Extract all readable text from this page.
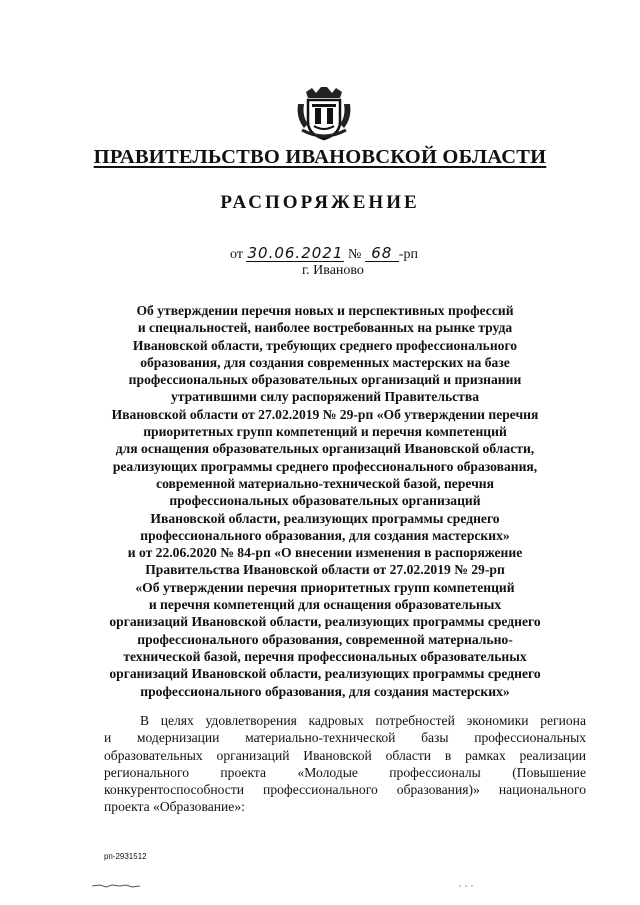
ПРАВИТЕЛЬСТВО ИВАНОВСКОЙ ОБЛАСТИ
РАСПОРЯЖЕНИЕ
от 30.06.2021 № 68 -рп
г. Иваново
Об утверждении перечня новых и перспективных профессий
и специальностей, наиболее востребованных на рынке труда
Ивановской области, требующих среднего профессионального
образования, для создания современных мастерских на базе
профессиональных образовательных организаций и признании
утратившими силу распоряжений Правительства
Ивановской области от 27.02.2019 № 29-рп «Об утверждении перечня
приоритетных групп компетенций и перечня компетенций
для оснащения образовательных организаций Ивановской области,
реализующих программы среднего профессионального образования,
современной материально-технической базой, перечня
профессиональных образовательных организаций
Ивановской области, реализующих программы среднего
профессионального образования, для создания мастерских»
и от 22.06.2020 № 84-рп «О внесении изменения в распоряжение
Правительства Ивановской области от 27.02.2019 № 29-рп
«Об утверждении перечня приоритетных групп компетенций
и перечня компетенций для оснащения образовательных
организаций Ивановской области, реализующих программы среднего
профессионального образования, современной материально-
технической базой, перечня профессиональных образовательных
организаций Ивановской области, реализующих программы среднего
профессионального образования, для создания мастерских»
В целях удовлетворения кадровых потребностей экономики региона
и модернизации материально-технической базы профессиональных
образовательных организаций Ивановской области в рамках реализации
регионального проекта «Молодые профессионалы (Повышение
конкурентоспособности профессионального образования)» национального
проекта «Образование»:
рп-2931512
